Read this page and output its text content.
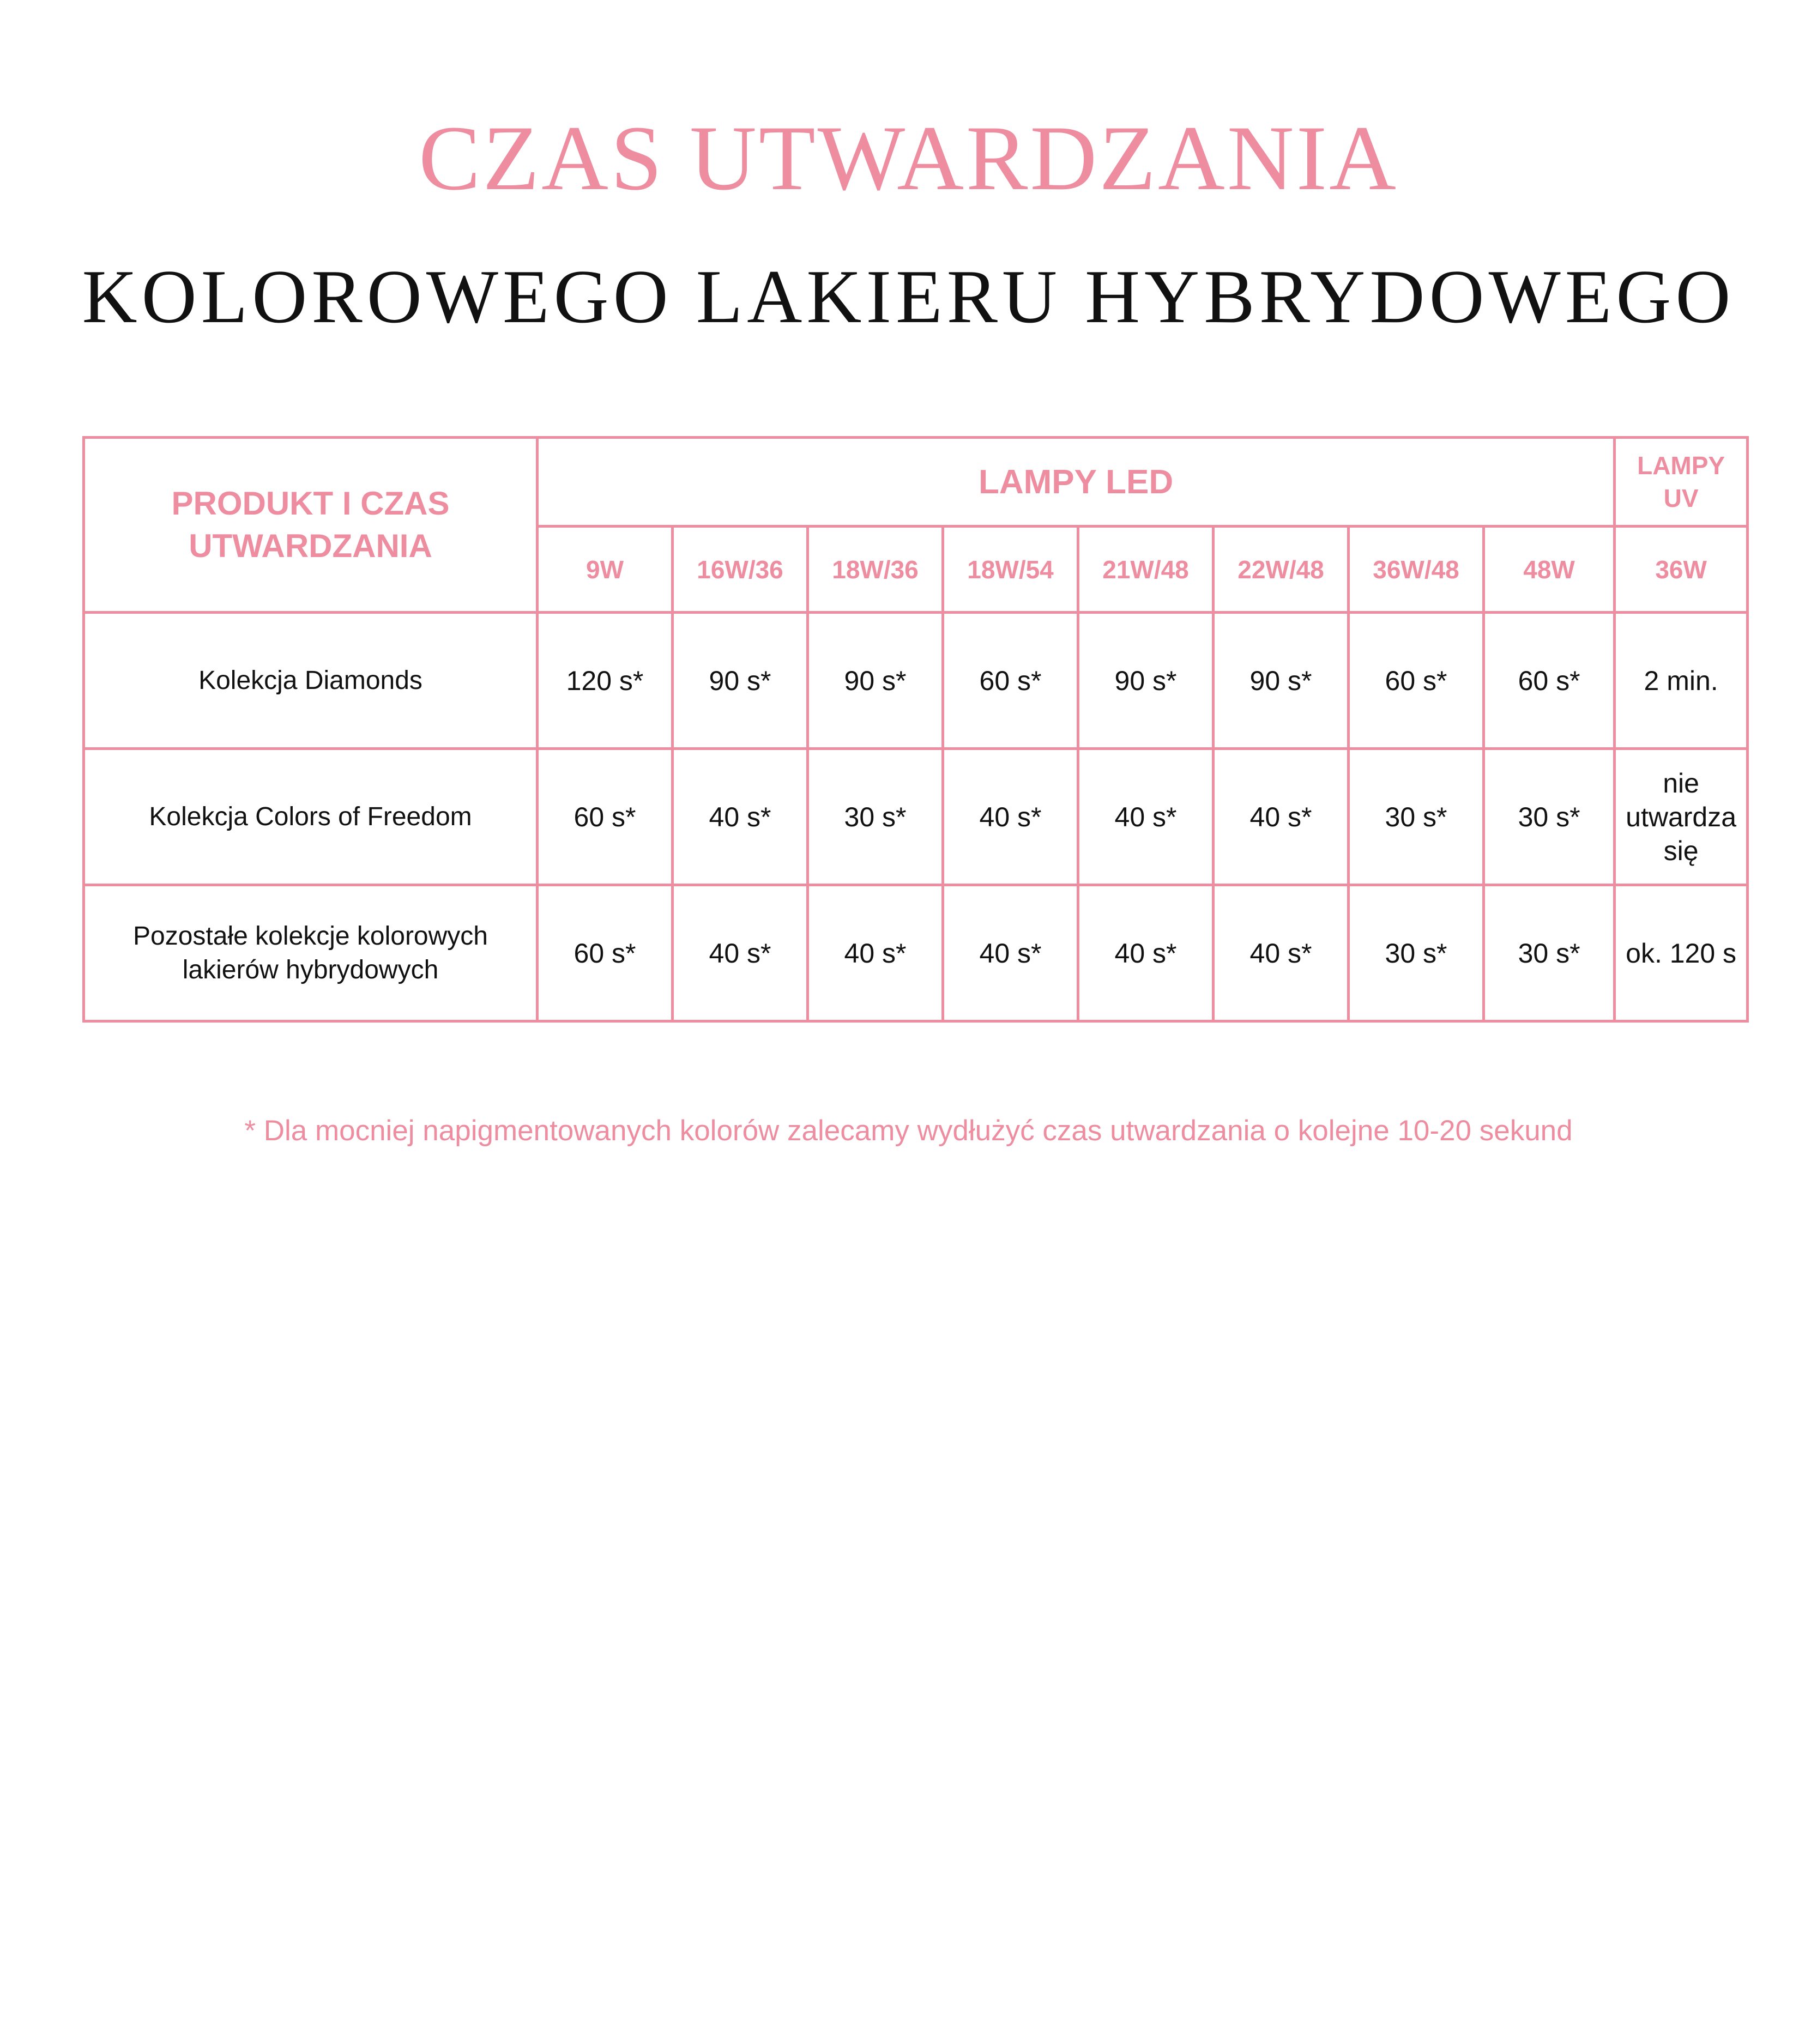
CZAS UTWARDZANIA
KOLOROWEGO LAKIERU HYBRYDOWEGO
PRODUKT I CZAS UTWARDZANIA	LAMPY LED								LAMPY UV
	9W	16W/36	18W/36	18W/54	21W/48	22W/48	36W/48	48W	36W
Kolekcja Diamonds	120 s*	90 s*	90 s*	60 s*	90 s*	90 s*	60 s*	60 s*	2 min.
Kolekcja Colors of Freedom	60 s*	40 s*	30 s*	40 s*	40 s*	40 s*	30 s*	30 s*	nie utwardza się
Pozostałe kolekcje kolorowych lakierów hybrydowych	60 s*	40 s*	40 s*	40 s*	40 s*	40 s*	30 s*	30 s*	ok. 120 s

* Dla mocniej napigmentowanych kolorów zalecamy wydłużyć czas utwardzania o kolejne 10-20 sekund
